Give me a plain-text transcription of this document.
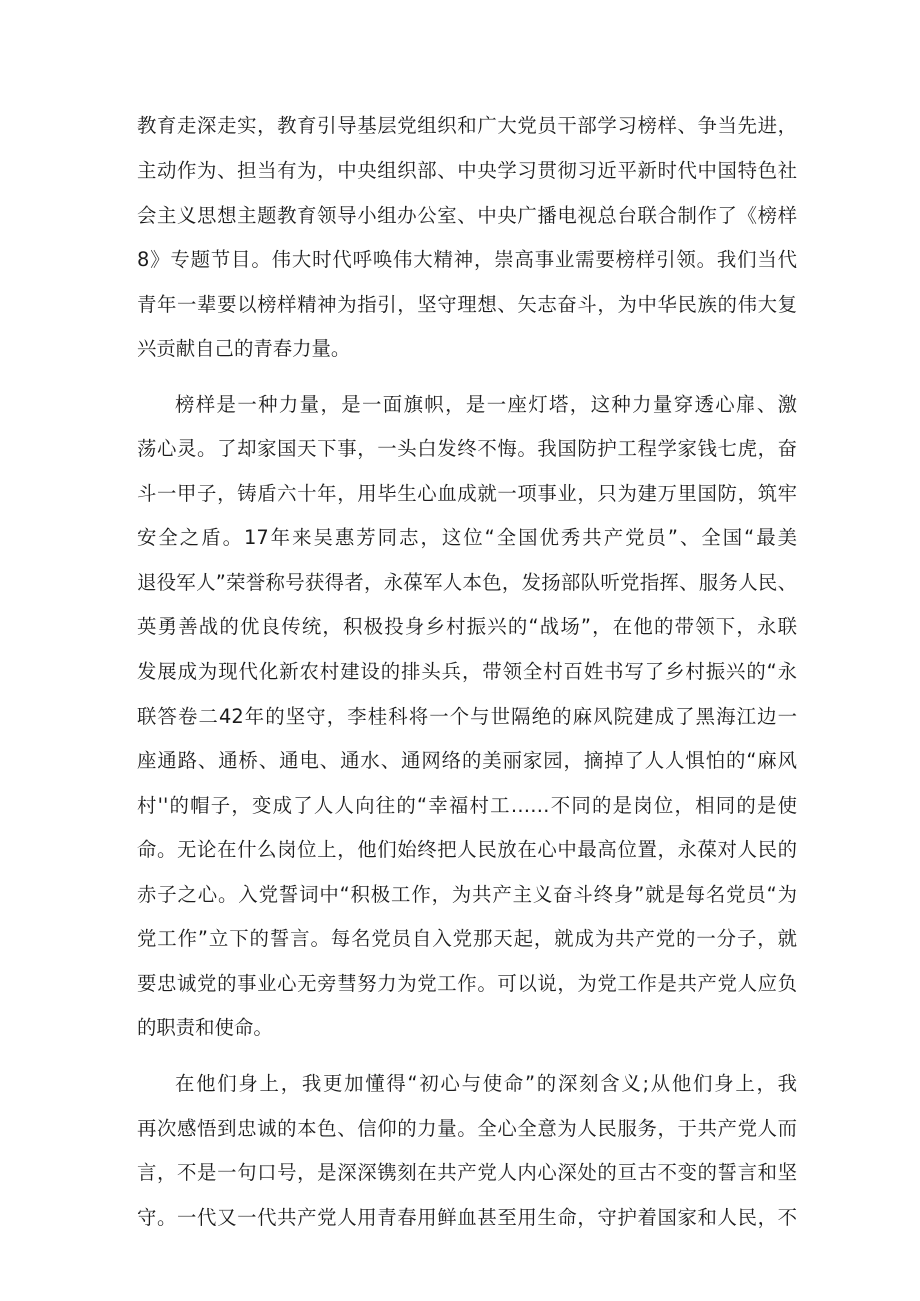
教育走深走实，教育引导基层党组织和广大党员干部学习榜样、争当先进，

主动作为、担当有为，中央组织部、中央学习贯彻习近平新时代中国特色社

会主义思想主题教育领导小组办公室、中央广播电视总台联合制作了《榜样

8》专题节目。伟大时代呼唤伟大精神，崇高事业需要榜样引领。我们当代

青年一辈要以榜样精神为指引，坚守理想、矢志奋斗，为中华民族的伟大复

兴贡献自己的青春力量。

榜样是一种力量，是一面旗帜，是一座灯塔，这种力量穿透心扉、激

荡心灵。了却家国天下事，一头白发终不悔。我国防护工程学家钱七虎，奋

斗一甲子，铸盾六十年，用毕生心血成就一项事业，只为建万里国防，筑牢

安全之盾。17年来吴惠芳同志，这位“全国优秀共产党员”、全国“最美

退役军人”荣誉称号获得者，永葆军人本色，发扬部队听党指挥、服务人民、

英勇善战的优良传统，积极投身乡村振兴的“战场”，在他的带领下，永联

发展成为现代化新农村建设的排头兵，带领全村百姓书写了乡村振兴的“永

联答卷二42年的坚守，李桂科将一个与世隔绝的麻风院建成了黑海江边一

座通路、通桥、通电、通水、通网络的美丽家园，摘掉了人人惧怕的“麻风

村''的帽子，变成了人人向往的“幸福村工……不同的是岗位，相同的是使

命。无论在什么岗位上，他们始终把人民放在心中最高位置，永葆对人民的

赤子之心。入党誓词中“积极工作，为共产主义奋斗终身”就是每名党员“为

党工作”立下的誓言。每名党员自入党那天起，就成为共产党的一分子，就

要忠诚党的事业心无旁彗努力为党工作。可以说，为党工作是共产党人应负

的职责和使命。

在他们身上，我更加懂得“初心与使命”的深刻含义;从他们身上，我

再次感悟到忠诚的本色、信仰的力量。全心全意为人民服务，于共产党人而

言，不是一句口号，是深深镌刻在共产党人内心深处的亘古不变的誓言和坚

守。一代又一代共产党人用青春用鲜血甚至用生命，守护着国家和人民，不
